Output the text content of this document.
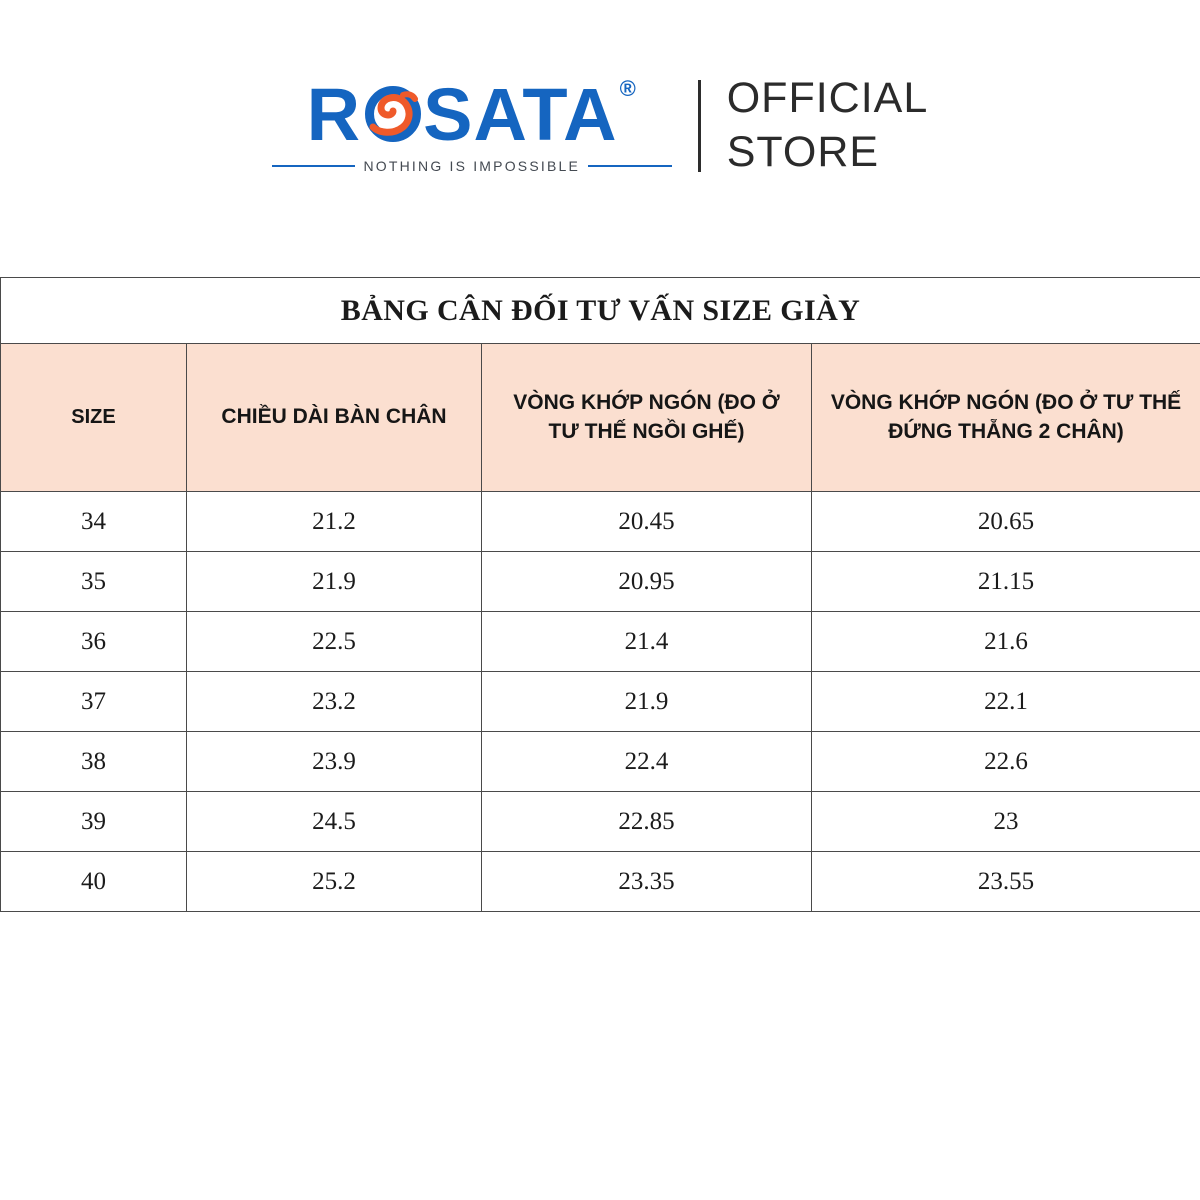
R SATA ®
NOTHING IS IMPOSSIBLE
OFFICIAL
STORE
BẢNG CÂN ĐỐI TƯ VẤN SIZE GIÀY			
SIZE	CHIỀU DÀI BÀN CHÂN	VÒNG KHỚP NGÓN (ĐO Ở TƯ THẾ NGỒI GHẾ)	VÒNG KHỚP NGÓN (ĐO Ở TƯ THẾ ĐỨNG THẴNG 2 CHÂN)
34	21.2	20.45	20.65
35	21.9	20.95	21.15
36	22.5	21.4	21.6
37	23.2	21.9	22.1
38	23.9	22.4	22.6
39	24.5	22.85	23
40	25.2	23.35	23.55
